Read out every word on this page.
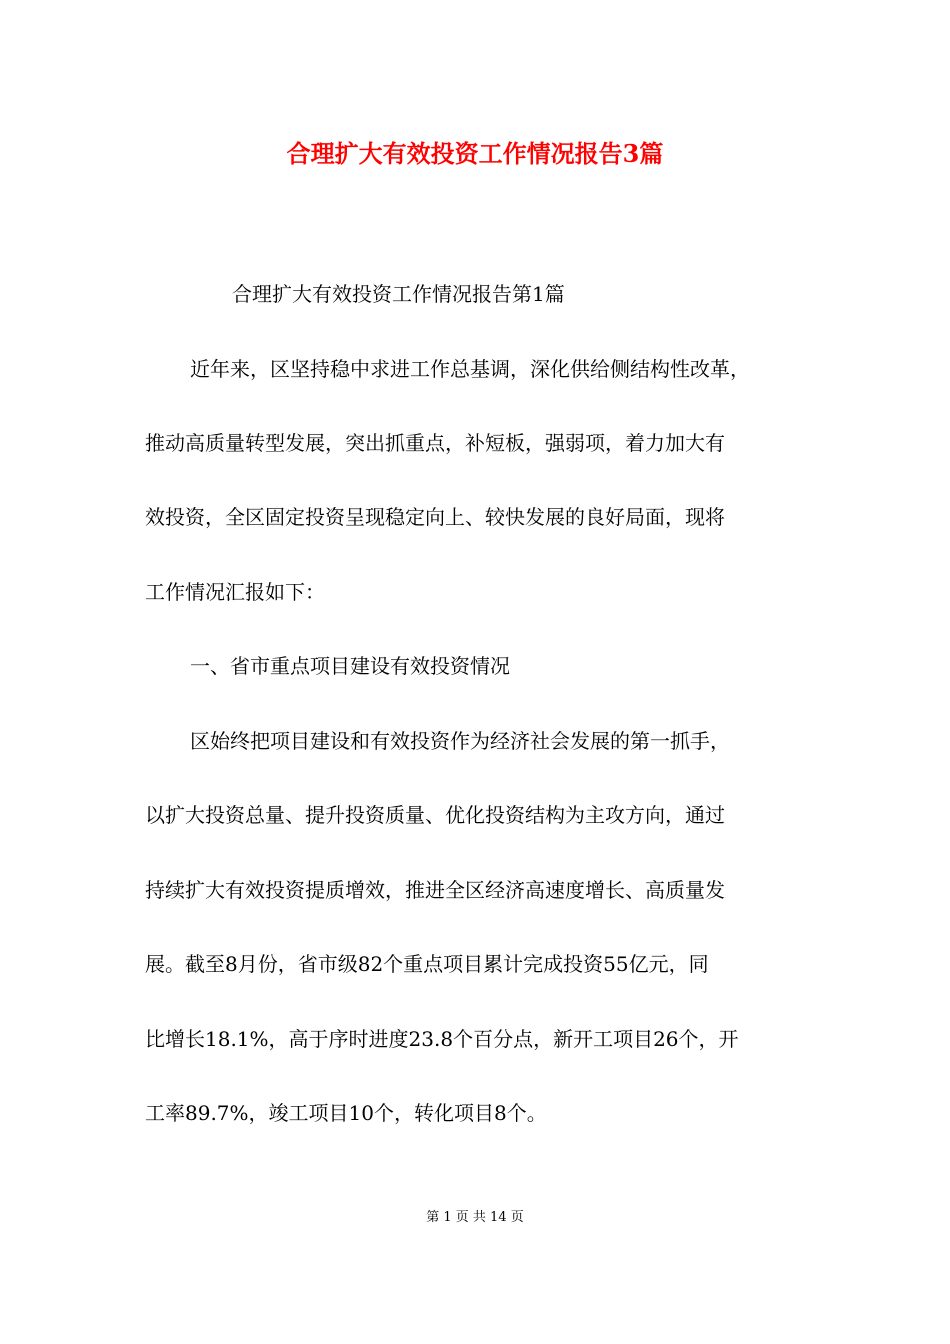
合理扩大有效投资工作情况报告3篇
合理扩大有效投资工作情况报告第1篇
近年来，区坚持稳中求进工作总基调，深化供给侧结构性改革，
推动高质量转型发展，突出抓重点，补短板，强弱项，着力加大有
效投资，全区固定投资呈现稳定向上、较快发展的良好局面，现将
工作情况汇报如下：
一、省市重点项目建设有效投资情况
区始终把项目建设和有效投资作为经济社会发展的第一抓手，
以扩大投资总量、提升投资质量、优化投资结构为主攻方向，通过
持续扩大有效投资提质增效，推进全区经济高速度增长、高质量发
展。截至8月份，省市级82个重点项目累计完成投资55亿元，同
比增长18.1%，高于序时进度23.8个百分点，新开工项目26个，开
工率89.7%，竣工项目10个，转化项目8个。
第 1 页 共 14 页
